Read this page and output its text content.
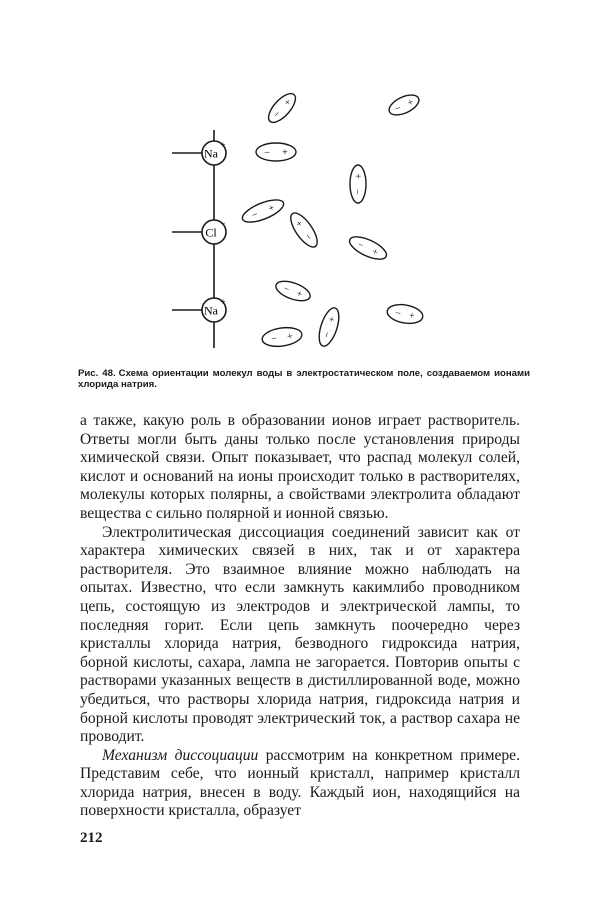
Na
+
Cl
−
Na
+
−
+	− +
− +
+
−
−
+
+
−
−
+
− +
−
+
− +
− +
Рис. 48. Схема ориентации молекул воды в электростатическом поле, создаваемом ионами хлорида натрия.

а также, какую роль в образовании ионов играет растворитель. Ответы могли быть даны только после установления природы химической связи. Опыт показывает, что распад молекул солей, кислот и оснований на ионы происходит только в растворителях, молекулы которых полярны, а свойствами электролита обладают вещества с сильно полярной и ионной связью.

Электролитическая диссоциация соединений зависит как от характера химических связей в них, так и от характера растворителя. Это взаимное влияние можно наблюдать на опытах. Известно, что если замкнуть какимлибо проводником цепь, состоящую из электродов и электрической лампы, то последняя горит. Если цепь замкнуть поочередно через кристаллы хлорида натрия, безводного гидроксида натрия, борной кислоты, сахара, лампа не загорается. Повторив опыты с растворами указанных веществ в дистиллированной воде, можно убедиться, что растворы хлорида натрия, гидроксида натрия и борной кислоты проводят электрический ток, а раствор сахара не проводит.

Механизм диссоциации рассмотрим на конкретном примере. Представим себе, что ионный кристалл, например кристалл хлорида натрия, внесен в воду. Каждый ион, находящийся на поверхности кристалла, образует

212
